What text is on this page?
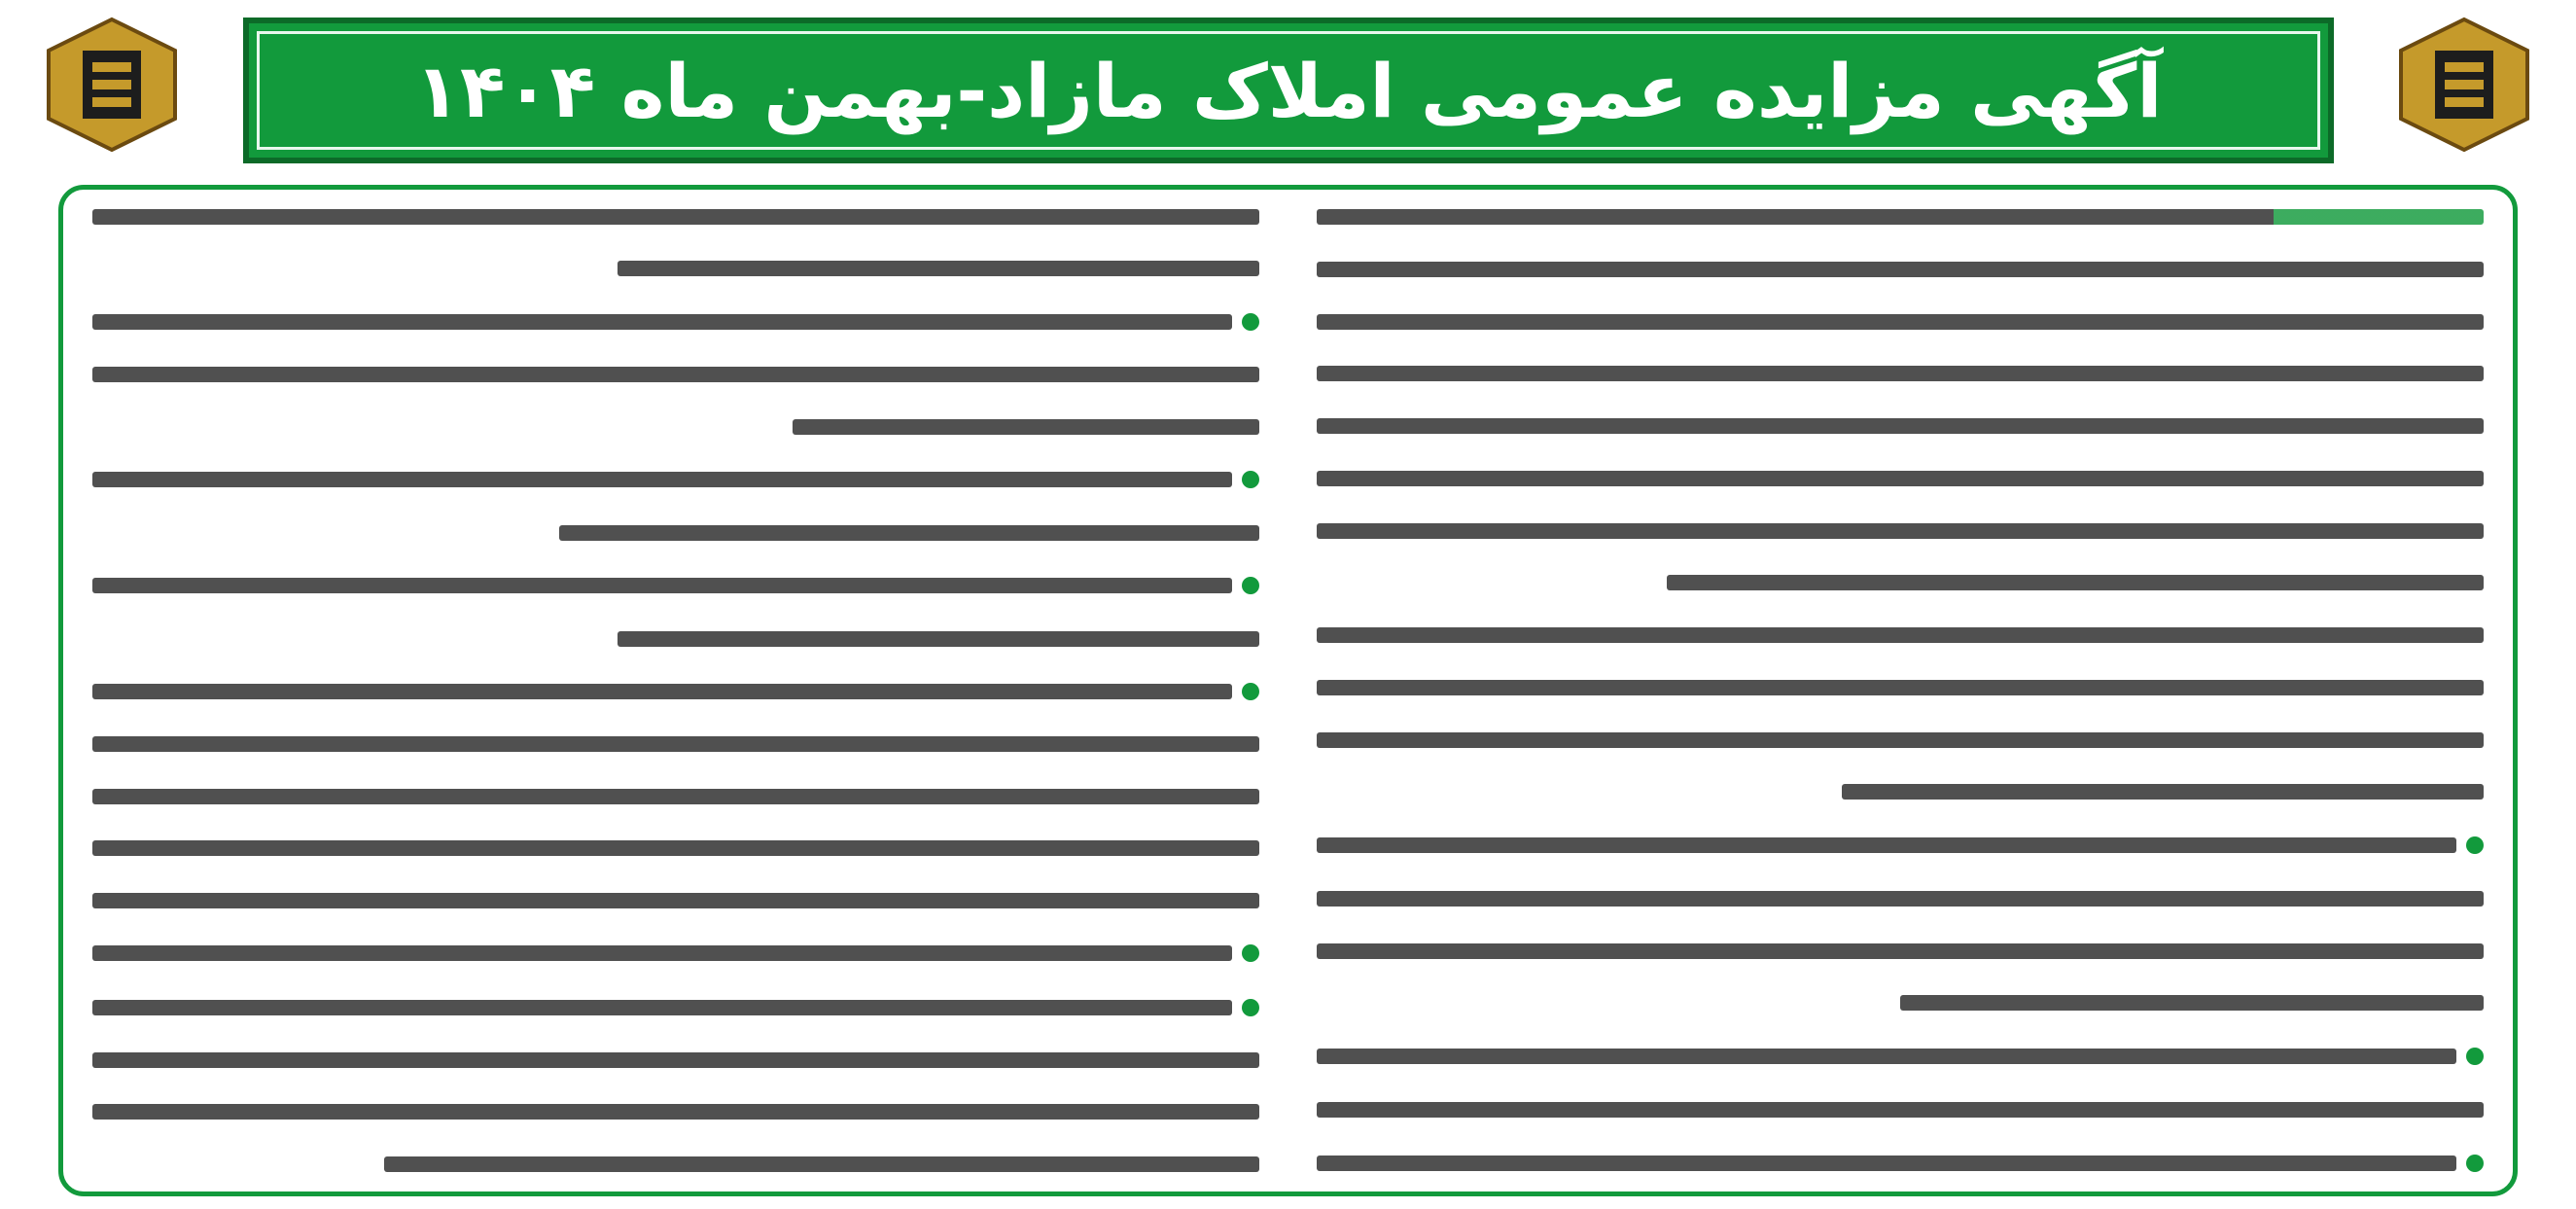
آگهی مزایده عمومی املاک مازاد-بهمن ماه ۱۴۰۴
